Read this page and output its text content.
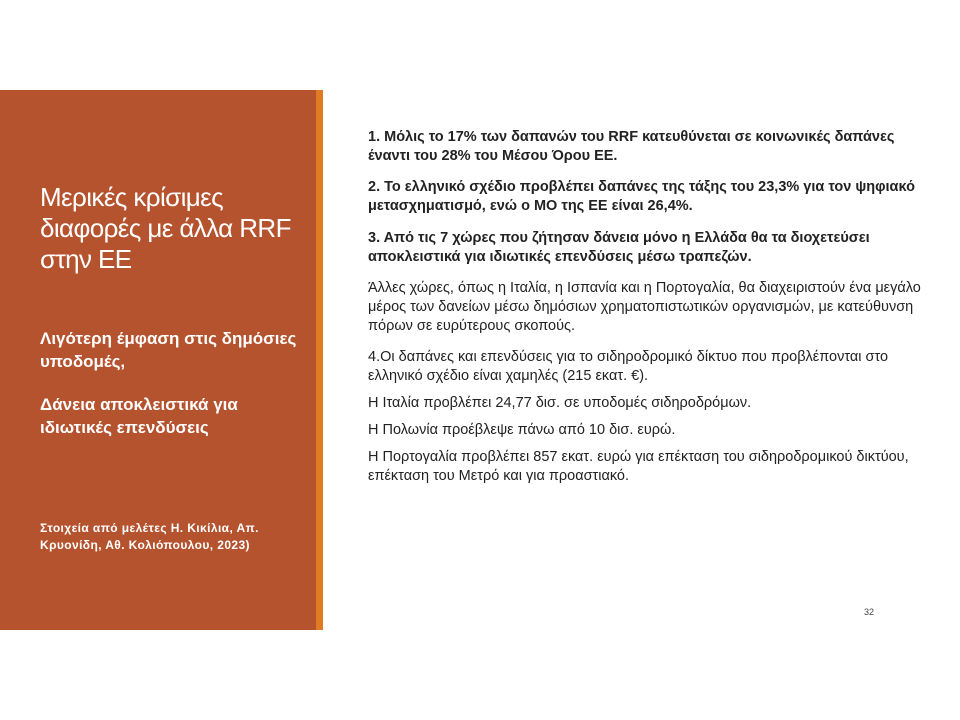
Μερικές κρίσιμες διαφορές με άλλα RRF στην ΕΕ

Λιγότερη έμφαση στις δημόσιες υποδομές,

Δάνεια αποκλειστικά για ιδιωτικές επενδύσεις

Στοιχεία από μελέτες Η. Κικίλια, Απ. Κρυονίδη, Αθ. Κολιόπουλου, 2023)

1. Μόλις το 17% των δαπανών του RRF κατευθύνεται σε κοινωνικές δαπάνες έναντι του 28% του Μέσου Όρου ΕΕ.

2. Το ελληνικό σχέδιο προβλέπει δαπάνες της τάξης του 23,3% για τον ψηφιακό μετασχηματισμό, ενώ ο ΜΟ της ΕΕ είναι 26,4%.

3. Από τις 7 χώρες που ζήτησαν δάνεια μόνο η Ελλάδα θα τα διοχετεύσει αποκλειστικά για ιδιωτικές επενδύσεις μέσω τραπεζών.

Άλλες χώρες, όπως η Ιταλία, η Ισπανία και η Πορτογαλία, θα διαχειριστούν ένα μεγάλο μέρος των δανείων μέσω δημόσιων χρηματοπιστωτικών οργανισμών, με κατεύθυνση πόρων σε ευρύτερους σκοπούς.

4.Οι δαπάνες και επενδύσεις για το σιδηροδρομικό δίκτυο που προβλέπονται στο ελληνικό σχέδιο είναι χαμηλές (215 εκατ. €).

Η Ιταλία προβλέπει 24,77 δισ. σε υποδομές σιδηροδρόμων.

Η Πολωνία προέβλεψε πάνω από 10 δισ. ευρώ.

Η Πορτογαλία προβλέπει 857 εκατ. ευρώ για επέκταση του σιδηροδρομικού δικτύου, επέκταση του Μετρό και για προαστιακό.

32
